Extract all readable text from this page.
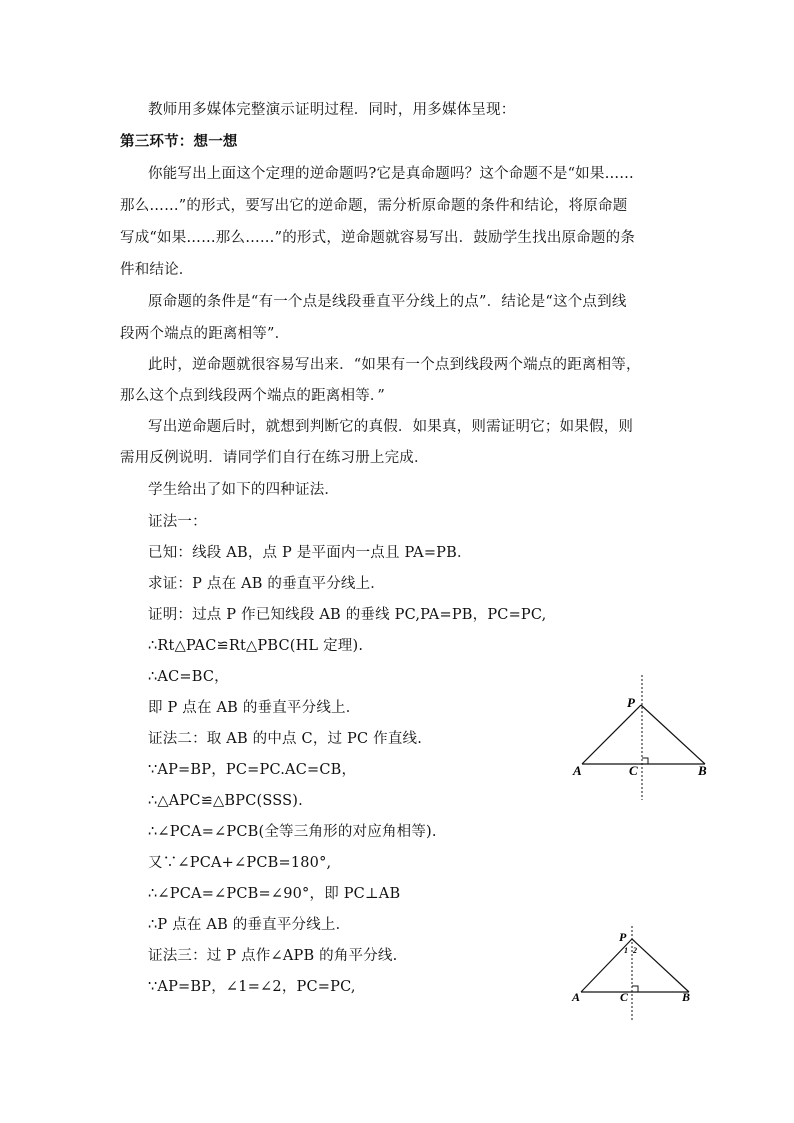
教师用多媒体完整演示证明过程．同时，用多媒体呈现：
第三环节：想一想
你能写出上面这个定理的逆命题吗?它是真命题吗？这个命题不是“如果……
那么……”的形式，要写出它的逆命题，需分析原命题的条件和结论，将原命题
写成“如果……那么……”的形式，逆命题就容易写出．鼓励学生找出原命题的条
件和结论．
原命题的条件是“有一个点是线段垂直平分线上的点”．结论是“这个点到线
段两个端点的距离相等”．
此时，逆命题就很容易写出来．“如果有一个点到线段两个端点的距离相等，
那么这个点到线段两个端点的距离相等．”
写出逆命题后时，就想到判断它的真假．如果真，则需证明它；如果假，则
需用反例说明．请同学们自行在练习册上完成．
学生给出了如下的四种证法．
证法一：
已知：线段 AB，点 P 是平面内一点且 PA=PB．
求证：P 点在 AB 的垂直平分线上．
证明：过点 P 作已知线段 AB 的垂线 PC,PA=PB，PC=PC,
∴Rt△PAC≌Rt△PBC(HL 定理).
∴AC=BC，
即 P 点在 AB 的垂直平分线上．
证法二：取 AB 的中点 C，过 PC 作直线.
∵AP=BP，PC=PC.AC=CB，
∴△APC≌△BPC(SSS).
∴∠PCA=∠PCB(全等三角形的对应角相等).
又∵∠PCA+∠PCB=180°,
∴∠PCA=∠PCB=∠90°，即 PC⊥AB
∴P 点在 AB 的垂直平分线上．
证法三：过 P 点作∠APB 的角平分线.
∵AP=BP，∠1=∠2，PC=PC,
P
A	C	B
P
1 2
A	C	B
